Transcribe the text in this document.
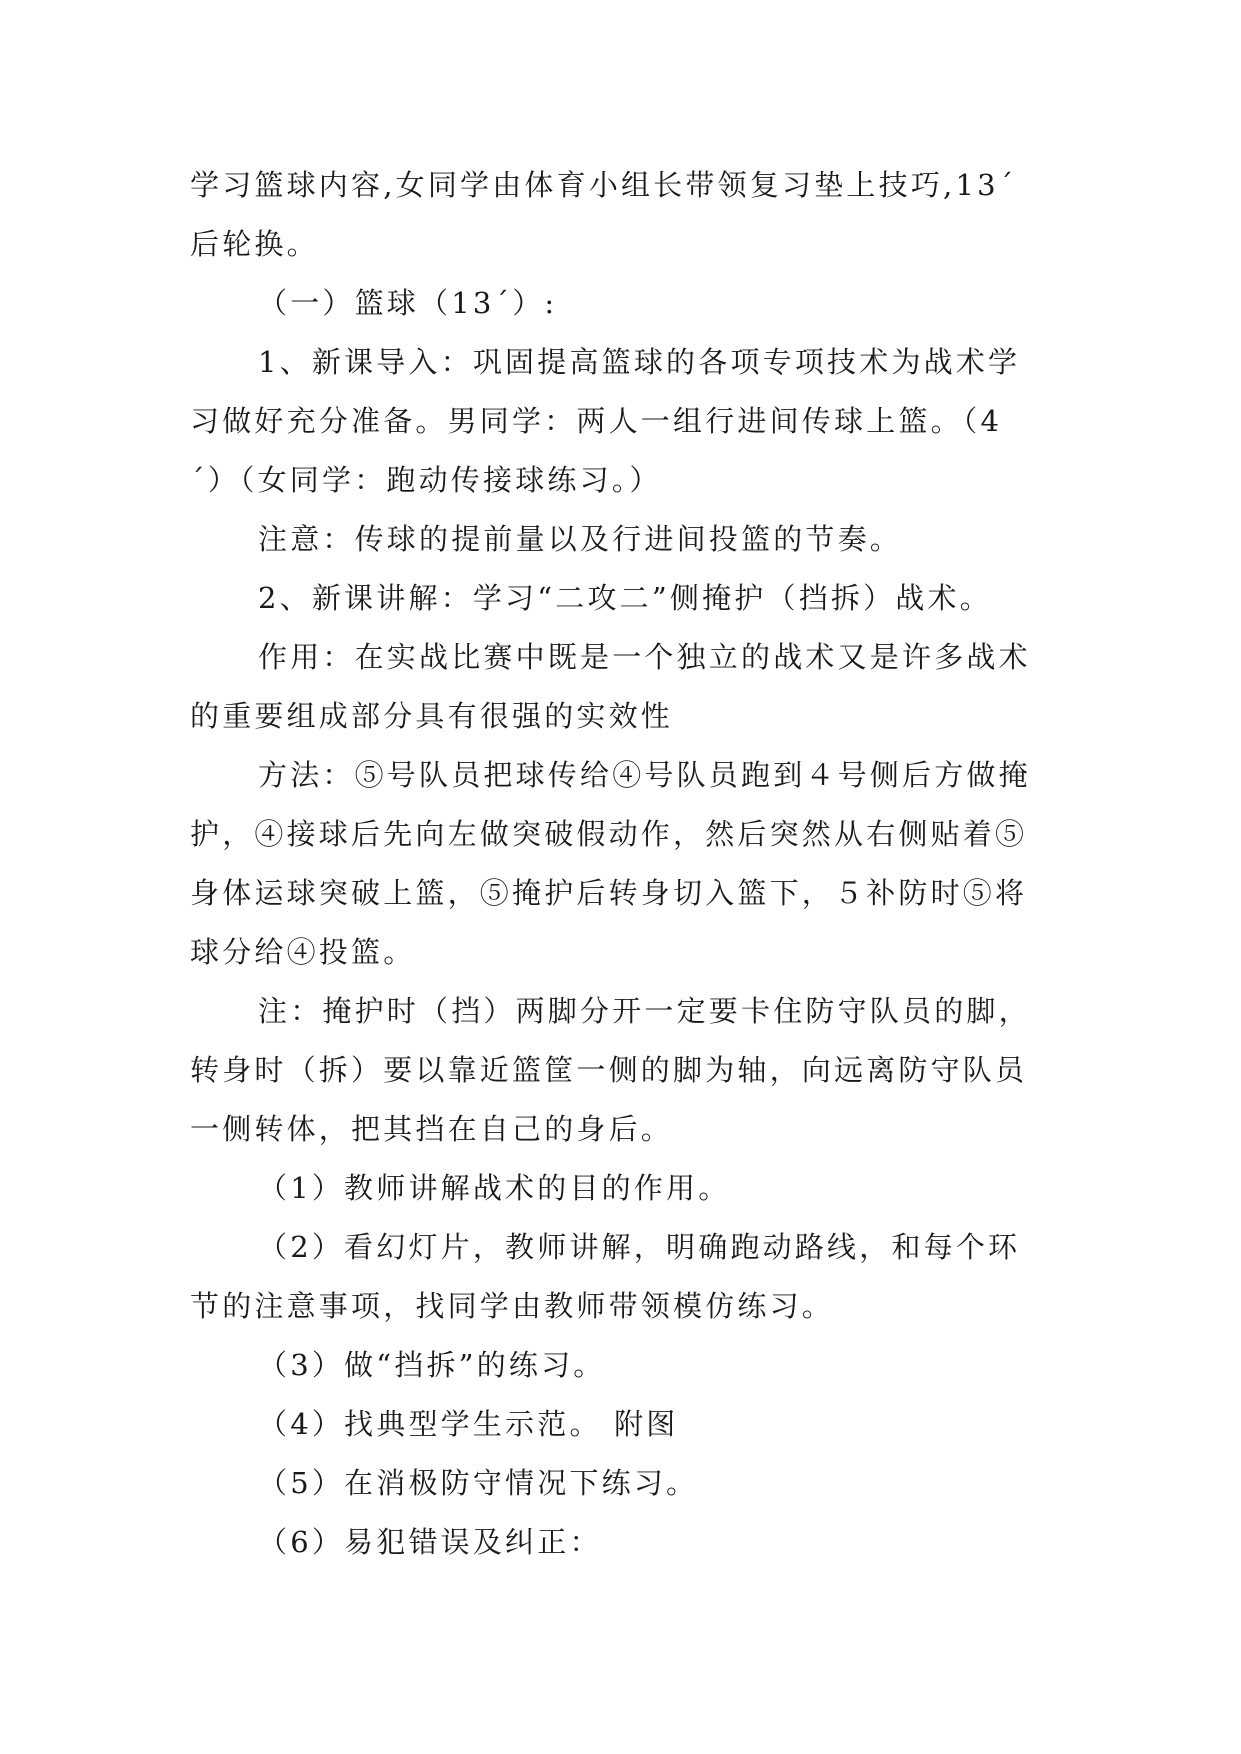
学习篮球内容,女同学由体育小组长带领复习垫上技巧,13´
后轮换。
（一）篮球（13´）:
1、新课导入：巩固提高篮球的各项专项技术为战术学
习做好充分准备。男同学：两人一组行进间传球上篮。（4
´）（女同学：跑动传接球练习。）
注意：传球的提前量以及行进间投篮的节奏。
2、新课讲解：学习“二攻二”侧掩护（挡拆）战术。
作用：在实战比赛中既是一个独立的战术又是许多战术
的重要组成部分具有很强的实效性
方法：⑤号队员把球传给④号队员跑到４号侧后方做掩
护，④接球后先向左做突破假动作，然后突然从右侧贴着⑤
身体运球突破上篮，⑤掩护后转身切入篮下，５补防时⑤将
球分给④投篮。
注：掩护时（挡）两脚分开一定要卡住防守队员的脚，
转身时（拆）要以靠近篮筐一侧的脚为轴，向远离防守队员
一侧转体，把其挡在自己的身后。
（1）教师讲解战术的目的作用。
（2）看幻灯片，教师讲解，明确跑动路线，和每个环
节的注意事项，找同学由教师带领模仿练习。
（3）做“挡拆”的练习。
（4）找典型学生示范。 附图
（5）在消极防守情况下练习。
（6）易犯错误及纠正：
